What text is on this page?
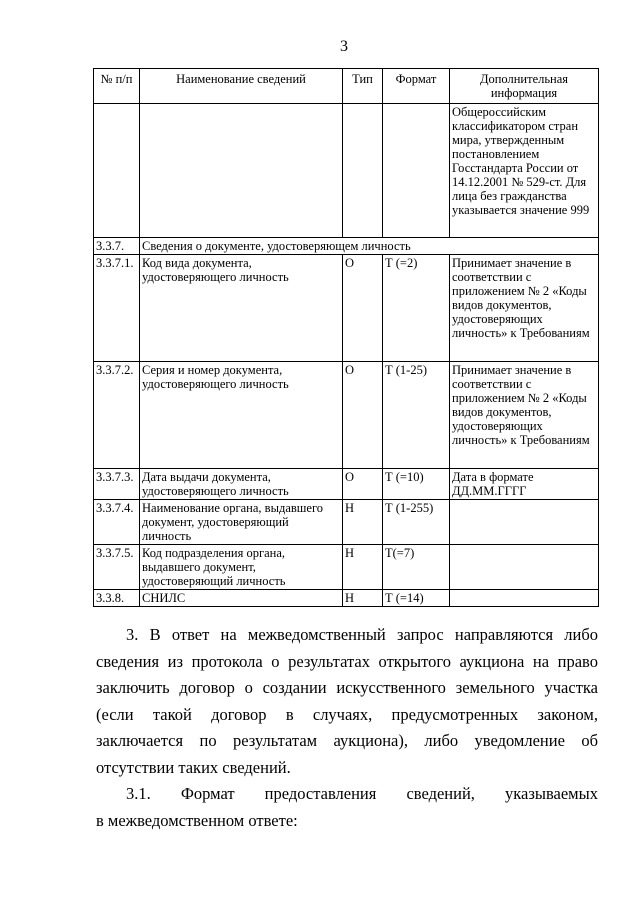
3
№ п/п	Наименование сведений	Тип	Формат	Дополнительная информация
				Общероссийским классификатором стран мира, утвержденным постановлением Госстандарта России от 14.12.2001 № 529-ст. Для лица без гражданства указывается значение 999
3.3.7.	Сведения о документе, удостоверяющем личность			
3.3.7.1.	Код вида документа, удостоверяющего личность	О	Т (=2)	Принимает значение в соответствии с приложением № 2 «Коды видов документов, удостоверяющих личность» к Требованиям
3.3.7.2.	Серия и номер документа, удостоверяющего личность	О	Т (1-25)	Принимает значение в соответствии с приложением № 2 «Коды видов документов, удостоверяющих личность» к Требованиям
3.3.7.3.	Дата выдачи документа, удостоверяющего личность	О	Т (=10)	Дата в формате ДД.ММ.ГГГГ
3.3.7.4.	Наименование органа, выдавшего документ, удостоверяющий личность	Н	Т (1-255)	
3.3.7.5.	Код подразделения органа, выдавшего документ, удостоверяющий личность	Н	Т(=7)	
3.3.8.	СНИЛС	Н	Т (=14)	

3. В ответ на межведомственный запрос направляются либо сведения из протокола о результатах открытого аукциона на право заключить договор о создании искусственного земельного участка (если такой договор в случаях, предусмотренных законом, заключается по результатам аукциона), либо уведомление об отсутствии таких сведений.

3.1. Формат предоставления сведений, указываемых

в межведомственном ответе:
